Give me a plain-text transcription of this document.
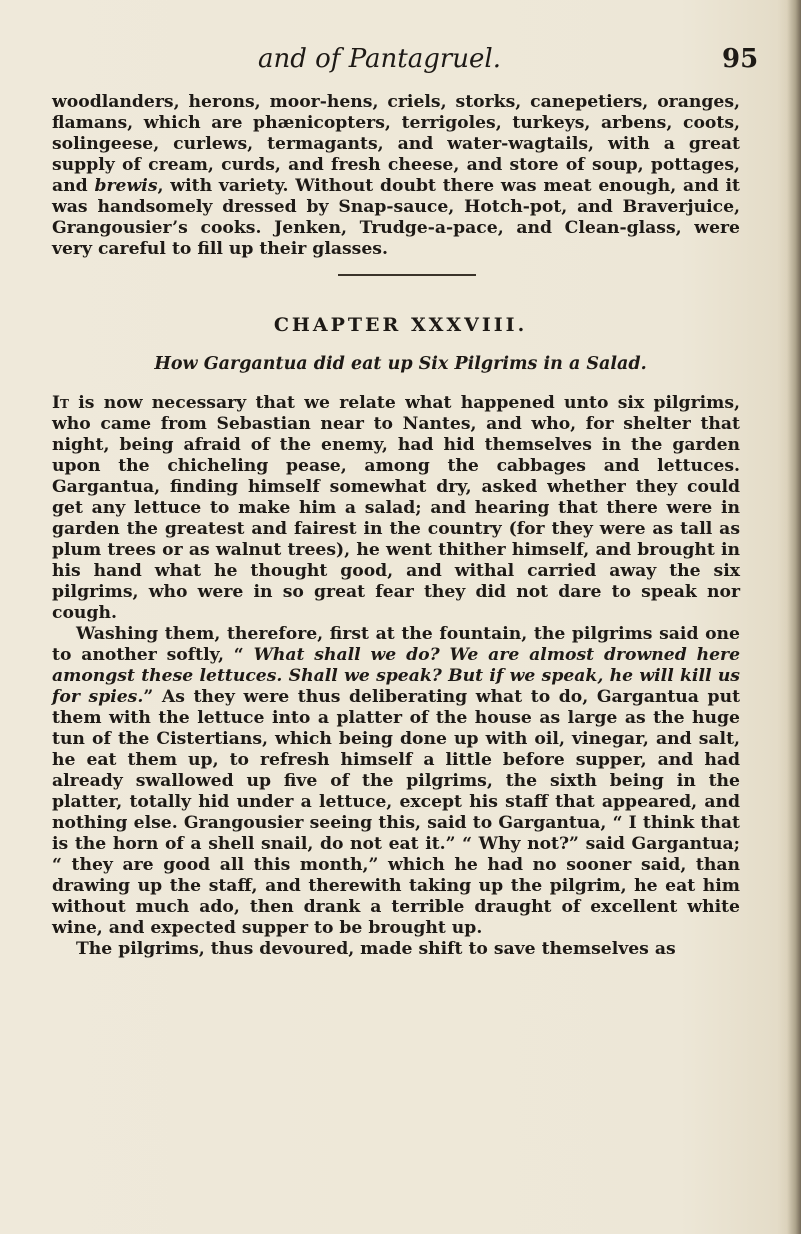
and of Pantagruel.	95

woodlanders, herons, moor-hens, criels, storks, canepetiers, oranges, flamans, which are phænicopters, terrigoles, turkeys, arbens, coots, solingeese, curlews, termagants, and water-wagtails, with a great supply of cream, curds, and fresh cheese, and store of soup, pottages, and brewis, with variety. Without doubt there was meat enough, and it was handsomely dressed by Snap-sauce, Hotch-pot, and Braverjuice, Grangousier’s cooks. Jenken, Trudge-a-pace, and Clean-glass, were very careful to fill up their glasses.

CHAPTER XXXVIII.
How Gargantua did eat up Six Pilgrims in a Salad.

It is now necessary that we relate what happened unto six pilgrims, who came from Sebastian near to Nantes, and who, for shelter that night, being afraid of the enemy, had hid themselves in the garden upon the chicheling pease, among the cabbages and lettuces. Gargantua, finding himself somewhat dry, asked whether they could get any lettuce to make him a salad; and hearing that there were in garden the greatest and fairest in the country (for they were as tall as plum trees or as walnut trees), he went thither himself, and brought in his hand what he thought good, and withal carried away the six pilgrims, who were in so great fear they did not dare to speak nor cough.

Washing them, therefore, first at the fountain, the pilgrims said one to another softly, “ What shall we do? We are almost drowned here amongst these lettuces. Shall we speak? But if we speak, he will kill us for spies.” As they were thus deliberating what to do, Gargantua put them with the lettuce into a platter of the house as large as the huge tun of the Cistertians, which being done up with oil, vinegar, and salt, he eat them up, to refresh himself a little before supper, and had already swallowed up five of the pilgrims, the sixth being in the platter, totally hid under a lettuce, except his staff that appeared, and nothing else. Grangousier seeing this, said to Gargantua, “ I think that is the horn of a shell snail, do not eat it.” “ Why not?” said Gargantua; “ they are good all this month,” which he had no sooner said, than drawing up the staff, and therewith taking up the pilgrim, he eat him without much ado, then drank a terrible draught of excellent white wine, and expected supper to be brought up.

The pilgrims, thus devoured, made shift to save themselves as
